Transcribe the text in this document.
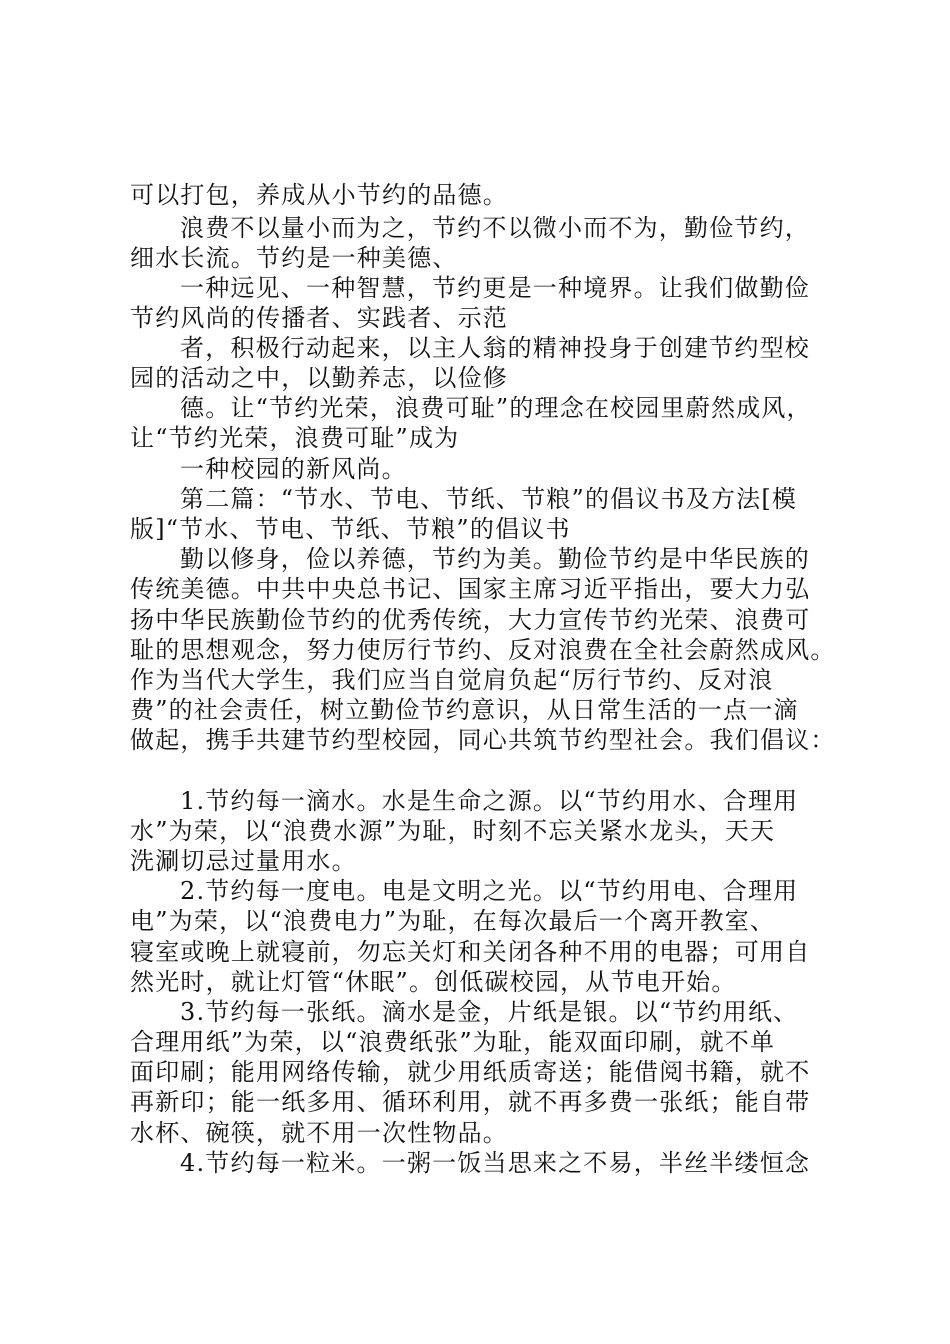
可以打包，养成从小节约的品德。
浪费不以量小而为之，节约不以微小而不为，勤俭节约，
细水长流。节约是一种美德、
一种远见、一种智慧，节约更是一种境界。让我们做勤俭
节约风尚的传播者、实践者、示范
者，积极行动起来，以主人翁的精神投身于创建节约型校
园的活动之中，以勤养志，以俭修
德。让“节约光荣，浪费可耻”的理念在校园里蔚然成风，
让“节约光荣，浪费可耻”成为
一种校园的新风尚。
第二篇：“节水、节电、节纸、节粮”的倡议书及方法[模
版]“节水、节电、节纸、节粮”的倡议书
勤以修身，俭以养德，节约为美。勤俭节约是中华民族的
传统美德。中共中央总书记、国家主席习近平指出，要大力弘
扬中华民族勤俭节约的优秀传统，大力宣传节约光荣、浪费可
耻的思想观念，努力使厉行节约、反对浪费在全社会蔚然成风。
作为当代大学生，我们应当自觉肩负起“厉行节约、反对浪
费”的社会责任，树立勤俭节约意识，从日常生活的一点一滴
做起，携手共建节约型校园，同心共筑节约型社会。我们倡议：
1.节约每一滴水。水是生命之源。以“节约用水、合理用
水”为荣，以“浪费水源”为耻，时刻不忘关紧水龙头，天天
洗涮切忌过量用水。
2.节约每一度电。电是文明之光。以“节约用电、合理用
电”为荣，以“浪费电力”为耻，在每次最后一个离开教室、
寝室或晚上就寝前，勿忘关灯和关闭各种不用的电器；可用自
然光时，就让灯管“休眠”。创低碳校园，从节电开始。
3.节约每一张纸。滴水是金，片纸是银。以“节约用纸、
合理用纸”为荣，以“浪费纸张”为耻，能双面印刷，就不单
面印刷；能用网络传输，就少用纸质寄送；能借阅书籍，就不
再新印；能一纸多用、循环利用，就不再多费一张纸；能自带
水杯、碗筷，就不用一次性物品。
4.节约每一粒米。一粥一饭当思来之不易，半丝半缕恒念
